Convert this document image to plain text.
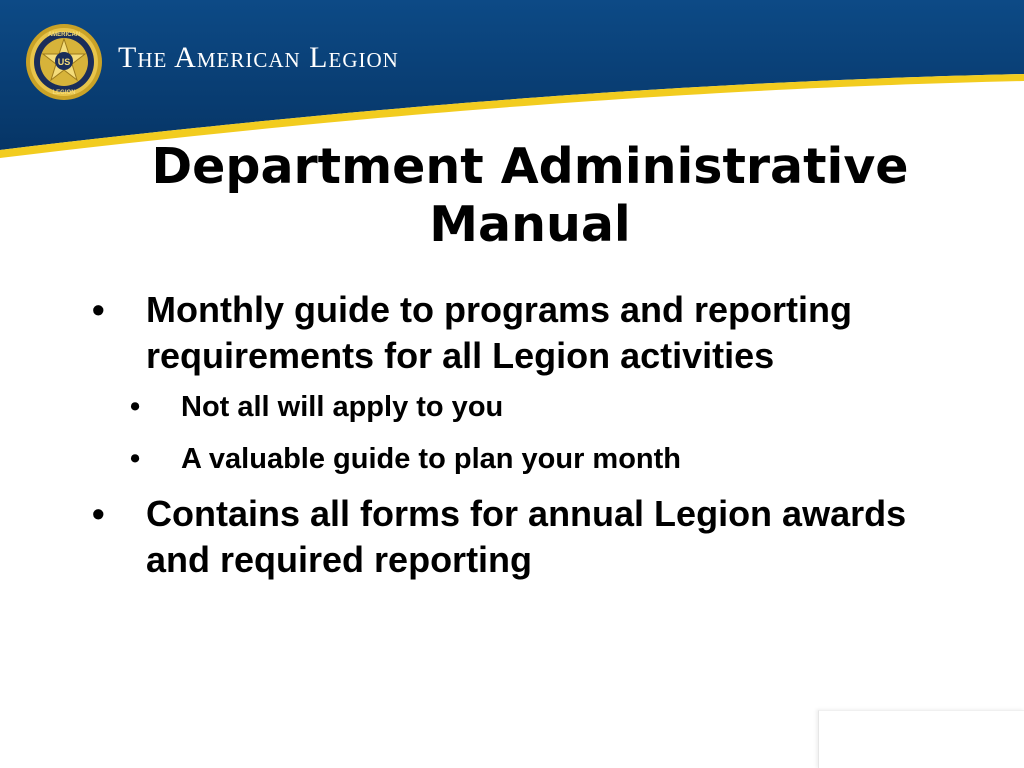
US
AMERICAN
LEGION
The American Legion
Department Administrative Manual
• Monthly guide to programs and reporting requirements for all Legion activities
• Not all will apply to you
• A valuable guide to plan your month
• Contains all forms for annual Legion awards and required reporting
